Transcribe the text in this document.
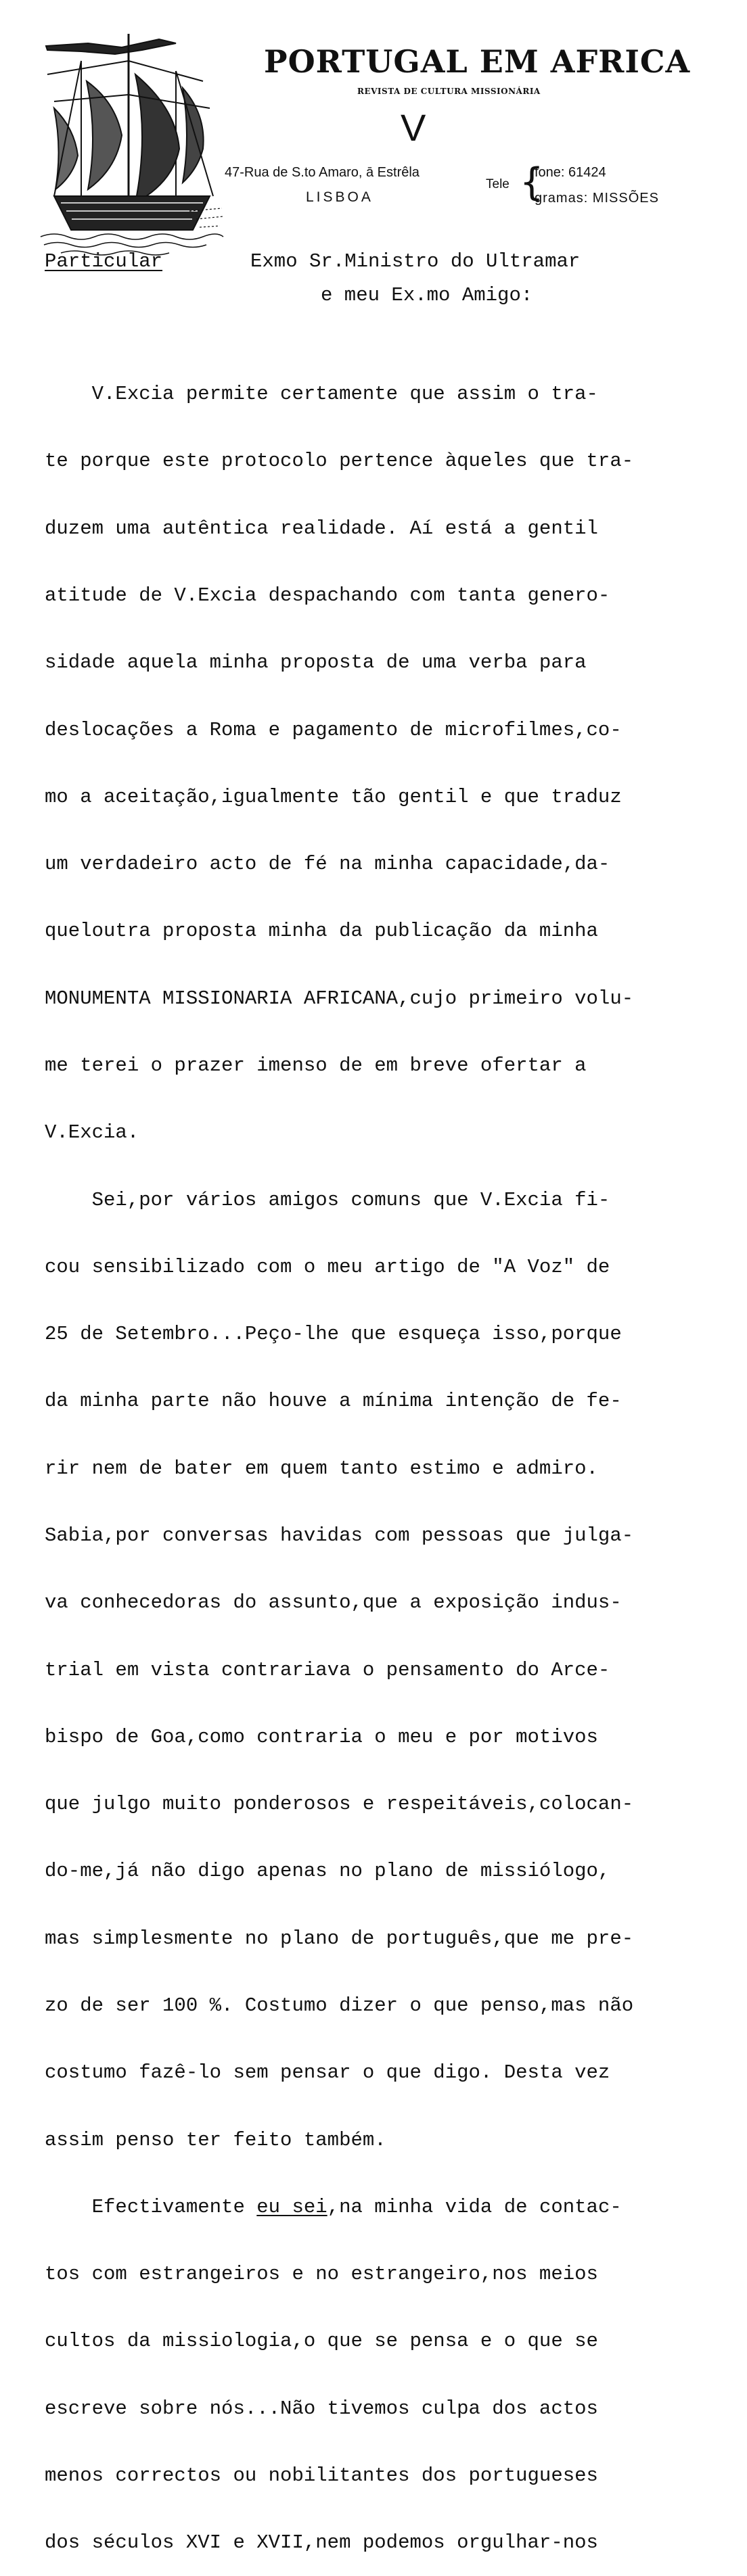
PORTUGAL EM AFRICA
REVISTA DE CULTURA MISSIONÁRIA
V
47-Rua de S.to Amaro, ā Estrêla
LISBOA
Tele {
fone: 61424
gramas: MISSÕES
Particular	Exmo Sr.Ministro do Ultramar
e meu Ex.mo Amigo:

V.Excia permite certamente que assim o tra-

te porque este protocolo pertence àqueles que tra-

duzem uma autêntica realidade. Aí está a gentil

atitude de V.Excia despachando com tanta genero-

sidade aquela minha proposta de uma verba para

deslocações a Roma e pagamento de microfilmes,co-

mo a aceitação,igualmente tão gentil e que traduz

um verdadeiro acto de fé na minha capacidade,da-

queloutra proposta minha da publicação da minha

MONUMENTA MISSIONARIA AFRICANA,cujo primeiro volu-

me terei o prazer imenso de em breve ofertar a

V.Excia.

Sei,por vários amigos comuns que V.Excia fi-

cou sensibilizado com o meu artigo de "A Voz" de

25 de Setembro...Peço-lhe que esqueça isso,porque

da minha parte não houve a mínima intenção de fe-

rir nem de bater em quem tanto estimo e admiro.

Sabia,por conversas havidas com pessoas que julga-

va conhecedoras do assunto,que a exposição indus-

trial em vista contrariava o pensamento do Arce-

bispo de Goa,como contraria o meu e por motivos

que julgo muito ponderosos e respeitáveis,colocan-

do-me,já não digo apenas no plano de missiólogo,

mas simplesmente no plano de português,que me pre-

zo de ser 100 %. Costumo dizer o que penso,mas não

costumo fazê-lo sem pensar o que digo. Desta vez

assim penso ter feito também.

Efectivamente eu sei,na minha vida de contac-

tos com estrangeiros e no estrangeiro,nos meios

cultos da missiologia,o que se pensa e o que se

escreve sobre nós...Não tivemos culpa dos actos

menos correctos ou nobilitantes dos portugueses

dos séculos XVI e XVII,nem podemos orgulhar-nos
